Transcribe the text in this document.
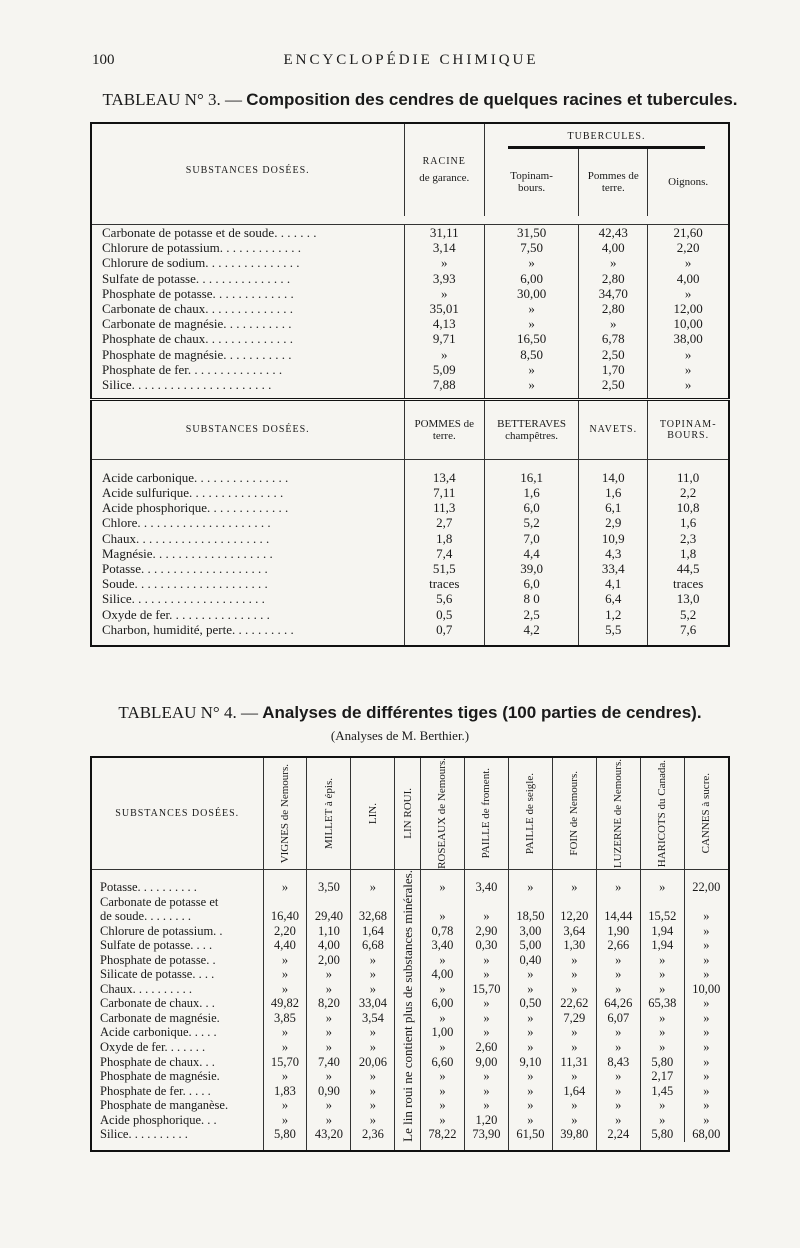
100	ENCYCLOPÉDIE CHIMIQUE
TABLEAU N° 3. — Composition des cendres de quelques racines et tubercules.
SUBSTANCES DOSÉES.	RACINE
de garance.	TUBERCULES.		

		Topinam-bours.	Pommes de terre.	Oignons.

Carbonate de potasse et de soude. . . . . . .	31,11	31,50	42,43	21,60
Chlorure de potassium. . . . . . . . . . . . .	3,14	7,50	4,00	2,20
Chlorure de sodium. . . . . . . . . . . . . . .	»	»	»	»
Sulfate de potasse. . . . . . . . . . . . . . .	3,93	6,00	2,80	4,00
Phosphate de potasse. . . . . . . . . . . . .	»	30,00	34,70	»
Carbonate de chaux. . . . . . . . . . . . . .	35,01	»	2,80	12,00
Carbonate de magnésie. . . . . . . . . . .	4,13	»	»	10,00
Phosphate de chaux. . . . . . . . . . . . . .	9,71	16,50	6,78	38,00
Phosphate de magnésie. . . . . . . . . . .	»	8,50	2,50	»
Phosphate de fer. . . . . . . . . . . . . . .	5,09	»	1,70	»
Silice. . . . . . . . . . . . . . . . . . . . . .	7,88	»	2,50	»

SUBSTANCES DOSÉES.	POMMES de terre.	BETTERAVES champêtres.	NAVETS.	TOPINAM-BOURS.

Acide carbonique. . . . . . . . . . . . . . .	13,4	16,1	14,0	11,0
Acide sulfurique. . . . . . . . . . . . . . .	7,11	1,6	1,6	2,2
Acide phosphorique. . . . . . . . . . . . .	11,3	6,0	6,1	10,8
Chlore. . . . . . . . . . . . . . . . . . . . .	2,7	5,2	2,9	1,6
Chaux. . . . . . . . . . . . . . . . . . . . .	1,8	7,0	10,9	2,3
Magnésie. . . . . . . . . . . . . . . . . . .	7,4	4,4	4,3	1,8
Potasse. . . . . . . . . . . . . . . . . . . .	51,5	39,0	33,4	44,5
Soude. . . . . . . . . . . . . . . . . . . . .	traces	6,0	4,1	traces
Silice. . . . . . . . . . . . . . . . . . . . .	5,6	8 0	6,4	13,0
Oxyde de fer. . . . . . . . . . . . . . . .	0,5	2,5	1,2	5,2
Charbon, humidité, perte. . . . . . . . . .	0,7	4,2	5,5	7,6

TABLEAU N° 4. — Analyses de différentes tiges (100 parties de cendres).
(Analyses de M. Berthier.)
SUBSTANCES DOSÉES.	VIGNES de Nemours.	MILLET à épis.	LIN.	LIN ROUI.	ROSEAUX de Nemours.	PAILLE de froment.	PAILLE de seigle.	FOIN de Nemours.	LUZERNE de Nemours.	HARICOTS du Canada.	CANNES à sucre.

				Le lin roui ne contient plus de substances minérales.							

Potasse. . . . . . . . . .	»	3,50	»		»	3,40	»	»	»	»	22,00
Carbonate de potasse et											
de soude. . . . . . . .	16,40	29,40	32,68		»	»	18,50	12,20	14,44	15,52	»
Chlorure de potassium. .	2,20	1,10	1,64		0,78	2,90	3,00	3,64	1,90	1,94	»
Sulfate de potasse. . . .	4,40	4,00	6,68		3,40	0,30	5,00	1,30	2,66	1,94	»
Phosphate de potasse. .	»	2,00	»		»	»	0,40	»	»	»	»
Silicate de potasse. . . .	»	»	»		4,00	»	»	»	»	»	»
Chaux. . . . . . . . . .	»	»	»		»	15,70	»	»	»	»	10,00
Carbonate de chaux. . .	49,82	8,20	33,04		6,00	»	0,50	22,62	64,26	65,38	»
Carbonate de magnésie.	3,85	»	3,54		»	»	»	7,29	6,07	»	»
Acide carbonique. . . . .	»	»	»		1,00	»	»	»	»	»	»
Oxyde de fer. . . . . . .	»	»	»		»	2,60	»	»	»	»	»
Phosphate de chaux. . .	15,70	7,40	20,06		6,60	9,00	9,10	11,31	8,43	5,80	»
Phosphate de magnésie.	»	»	»		»	»	»	»	»	2,17	»
Phosphate de fer. . . . .	1,83	0,90	»		»	»	»	1,64	»	1,45	»
Phosphate de manganèse.	»	»	»		»	»	»	»	»	»	»
Acide phosphorique. . .	»	»	»		»	1,20	»	»	»	»	»
Silice. . . . . . . . . .	5,80	43,20	2,36		78,22	73,90	61,50	39,80	2,24	5,80	68,00
